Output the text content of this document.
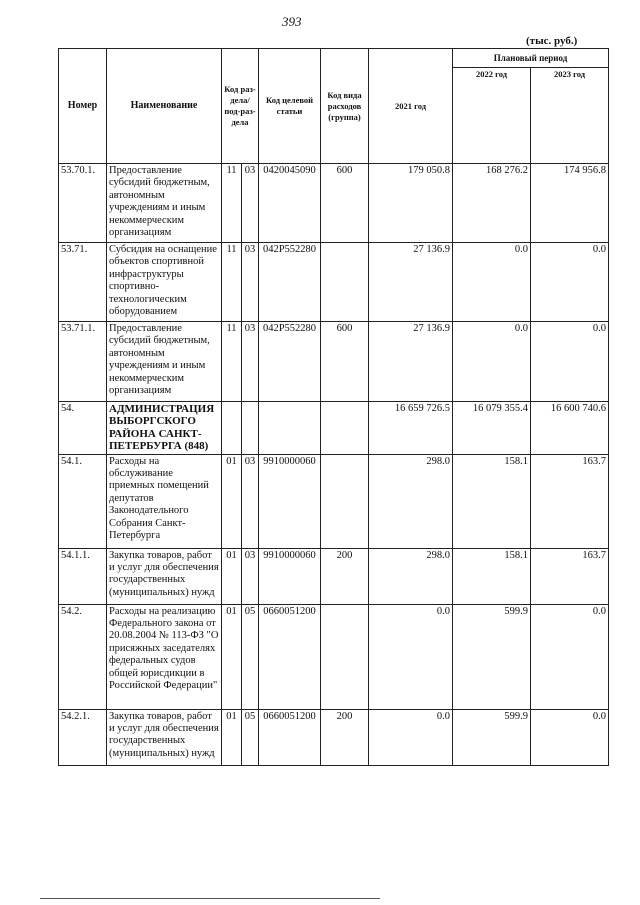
393
(тыс. руб.)
Номер	Наименование	Код раз-дела/ под-раз-дела		Код целевой статьи	Код вида расходов (группа)	2021 год	Плановый период	
							2022 год	2023 год
53.70.1.	Предоставление субсидий бюджетным, автономным учреждениям и иным некоммерческим организациям	11	03	0420045090	600	179 050.8	168 276.2	174 956.8
53.71.	Субсидия на оснащение объектов спортивной инфраструктуры спортивно-технологическим оборудованием	11	03	042P552280		27 136.9	0.0	0.0
53.71.1.	Предоставление субсидий бюджетным, автономным учреждениям и иным некоммерческим организациям	11	03	042P552280	600	27 136.9	0.0	0.0
54.	АДМИНИСТРАЦИЯ ВЫБОРГСКОГО РАЙОНА САНКТ-ПЕТЕРБУРГА (848)					16 659 726.5	16 079 355.4	16 600 740.6
54.1.	Расходы на обслуживание приемных помещений депутатов Законодательного Собрания Санкт-Петербурга	01	03	9910000060		298.0	158.1	163.7
54.1.1.	Закупка товаров, работ и услуг для обеспечения государственных (муниципальных) нужд	01	03	9910000060	200	298.0	158.1	163.7
54.2.	Расходы на реализацию Федерального закона от 20.08.2004 № 113-ФЗ "О присяжных заседателях федеральных судов общей юрисдикции в Российской Федерации"	01	05	0660051200		0.0	599.9	0.0
54.2.1.	Закупка товаров, работ и услуг для обеспечения государственных (муниципальных) нужд	01	05	0660051200	200	0.0	599.9	0.0
